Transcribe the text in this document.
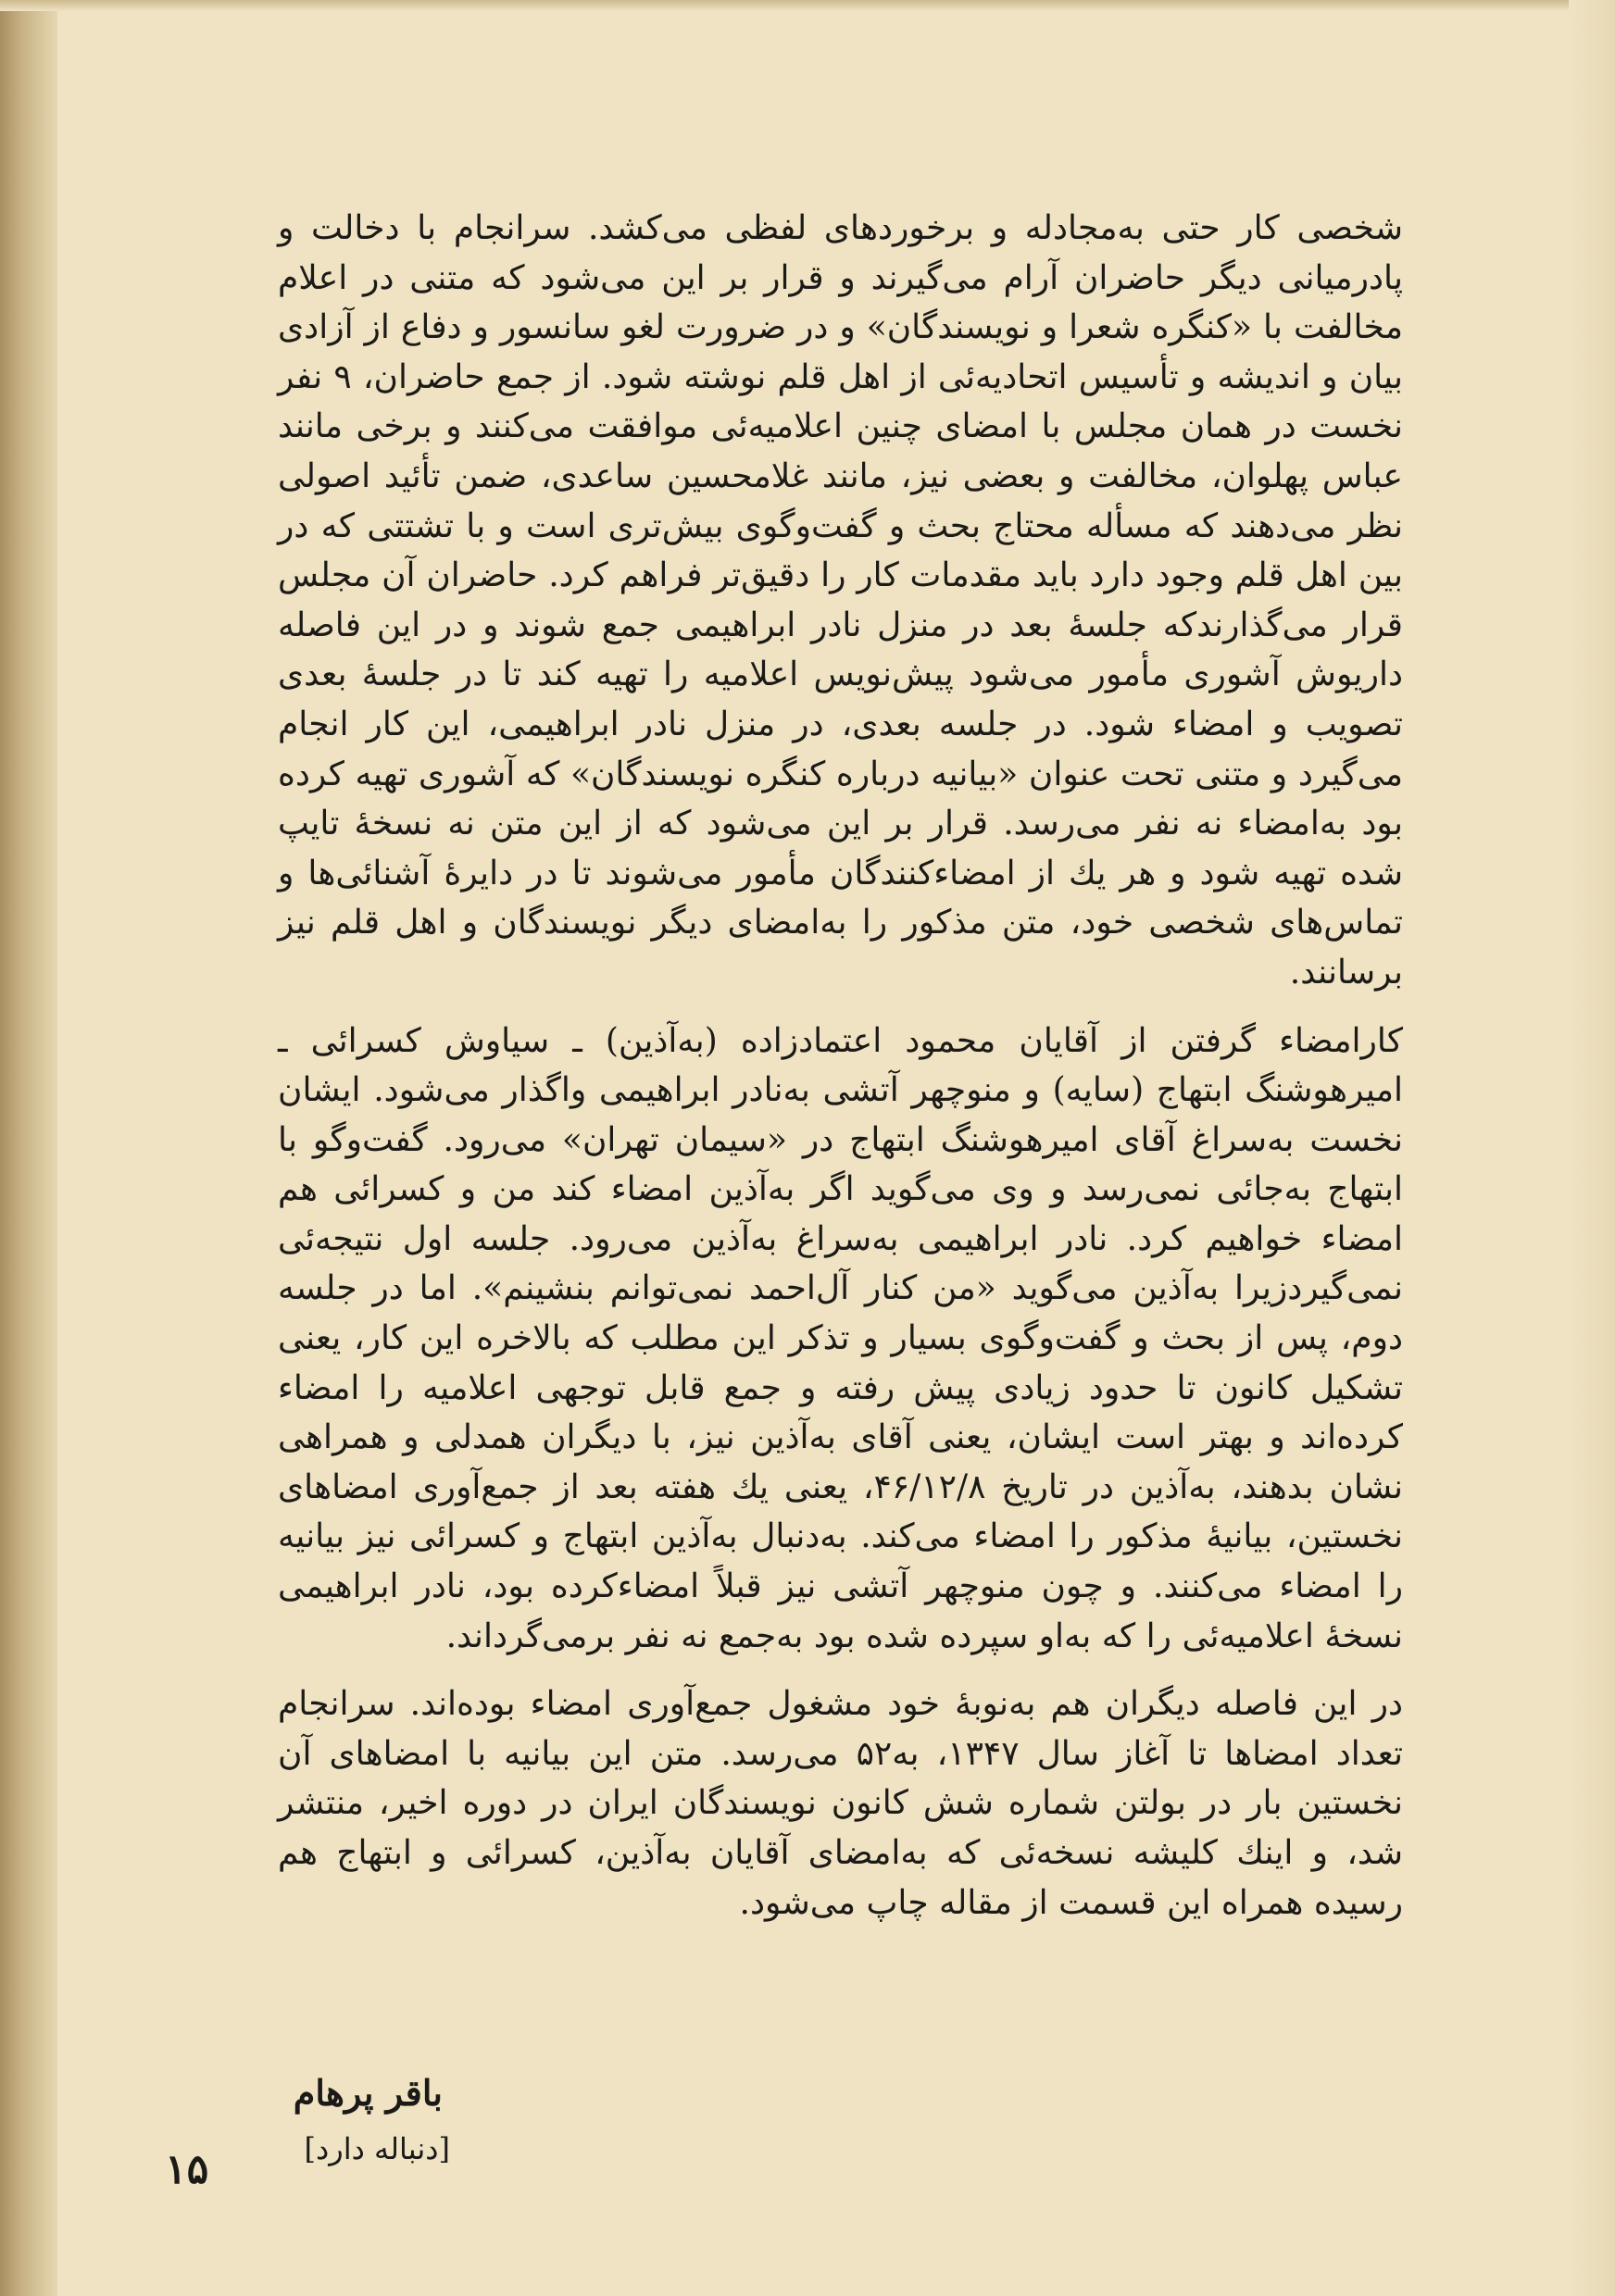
شخصی کار حتی به‌مجادله و برخوردهای لفظی می‌کشد. سرانجام با دخالت و پادرمیانی دیگر حاضران آرام می‌گیرند و قرار بر این می‌شود که متنی در اعلام مخالفت با «کنگره شعرا و نویسندگان» و در ضرورت لغو سانسور و دفاع از آزادی بیان و اندیشه و تأسیس اتحادیه‌ئی از اهل قلم نوشته شود. از جمع حاضران، ۹ نفر نخست در همان مجلس با امضای چنین اعلامیه‌ئی موافقت می‌کنند و برخی مانند عباس پهلوان، مخالفت و بعضی نیز، مانند غلامحسین ساعدی، ضمن تأئید اصولی نظر می‌دهند که مسأله محتاج بحث و گفت‌وگوی بیش‌تری است و با تشتتی که در بین اهل قلم وجود دارد باید مقدمات کار را دقیق‌تر فراهم کرد. حاضران آن مجلس قرار می‌گذارندکه جلسهٔ بعد در منزل نادر ابراهیمی جمع شوند و در این فاصله داریوش آشوری مأمور می‌شود پیش‌نویس اعلامیه را تهیه کند تا در جلسهٔ بعدی تصویب و امضاء شود. در جلسه بعدی، در منزل نادر ابراهیمی، این کار انجام می‌گیرد و متنی تحت عنوان «بیانیه درباره کنگره نویسندگان» که آشوری تهیه کرده بود به‌امضاء نه نفر می‌رسد. قرار بر این می‌شود که از این متن نه نسخهٔ تایپ شده تهیه شود و هر یك از امضاءکنندگان مأمور می‌شوند تا در دایرهٔ آشنائی‌ها و تماس‌های شخصی خود، متن مذکور را به‌امضای دیگر نویسندگان و اهل قلم نیز برسانند.

کارامضاء گرفتن از آقایان محمود اعتمادزاده (به‌آذین) ـ سیاوش کسرائی ـ امیرهوشنگ ابتهاج (سایه) و منوچهر آتشی به‌نادر ابراهیمی واگذار می‌شود. ایشان نخست به‌سراغ آقای امیرهوشنگ ابتهاج در «سیمان تهران» می‌رود. گفت‌وگو با ابتهاج به‌جائی نمی‌رسد و وی می‌گوید اگر به‌آذین امضاء کند من و کسرائی هم امضاء خواهیم کرد. نادر ابراهیمی به‌سراغ به‌آذین می‌رود. جلسه اول نتیجه‌ئی نمی‌گیردزیرا به‌آذین می‌گوید «من کنار آل‌احمد نمی‌توانم بنشینم». اما در جلسه دوم، پس از بحث و گفت‌وگوی بسیار و تذکر این مطلب که بالاخره این کار، یعنی تشکیل کانون تا حدود زیادی پیش رفته و جمع قابل توجهی اعلامیه را امضاء کرده‌اند و بهتر است ایشان، یعنی آقای به‌آذین نیز، با دیگران همدلی و همراهی نشان بدهند، به‌آذین در تاریخ ۴۶/۱۲/۸، یعنی یك هفته بعد از جمع‌آوری امضاهای نخستین، بیانیهٔ مذکور را امضاء می‌کند. به‌دنبال به‌آذین ابتهاج و کسرائی نیز بیانیه را امضاء می‌کنند. و چون منوچهر آتشی نیز قبلاً امضاءکرده بود، نادر ابراهیمی نسخهٔ اعلامیه‌ئی را که به‌او سپرده شده بود به‌جمع نه نفر برمی‌گرداند.

در این فاصله دیگران هم به‌نوبهٔ خود مشغول جمع‌آوری امضاء بوده‌اند. سرانجام تعداد امضاها تا آغاز سال ۱۳۴۷، به۵۲ می‌رسد. متن این بیانیه با امضاهای آن نخستین بار در بولتن شماره شش کانون نویسندگان ایران در دوره اخیر، منتشر شد، و اینك کلیشه نسخه‌ئی که به‌امضای آقایان به‌آذین، کسرائی و ابتهاج هم رسیده همراه این قسمت از مقاله چاپ می‌شود.

باقر پرهام
[دنباله دارد]
۱۵
